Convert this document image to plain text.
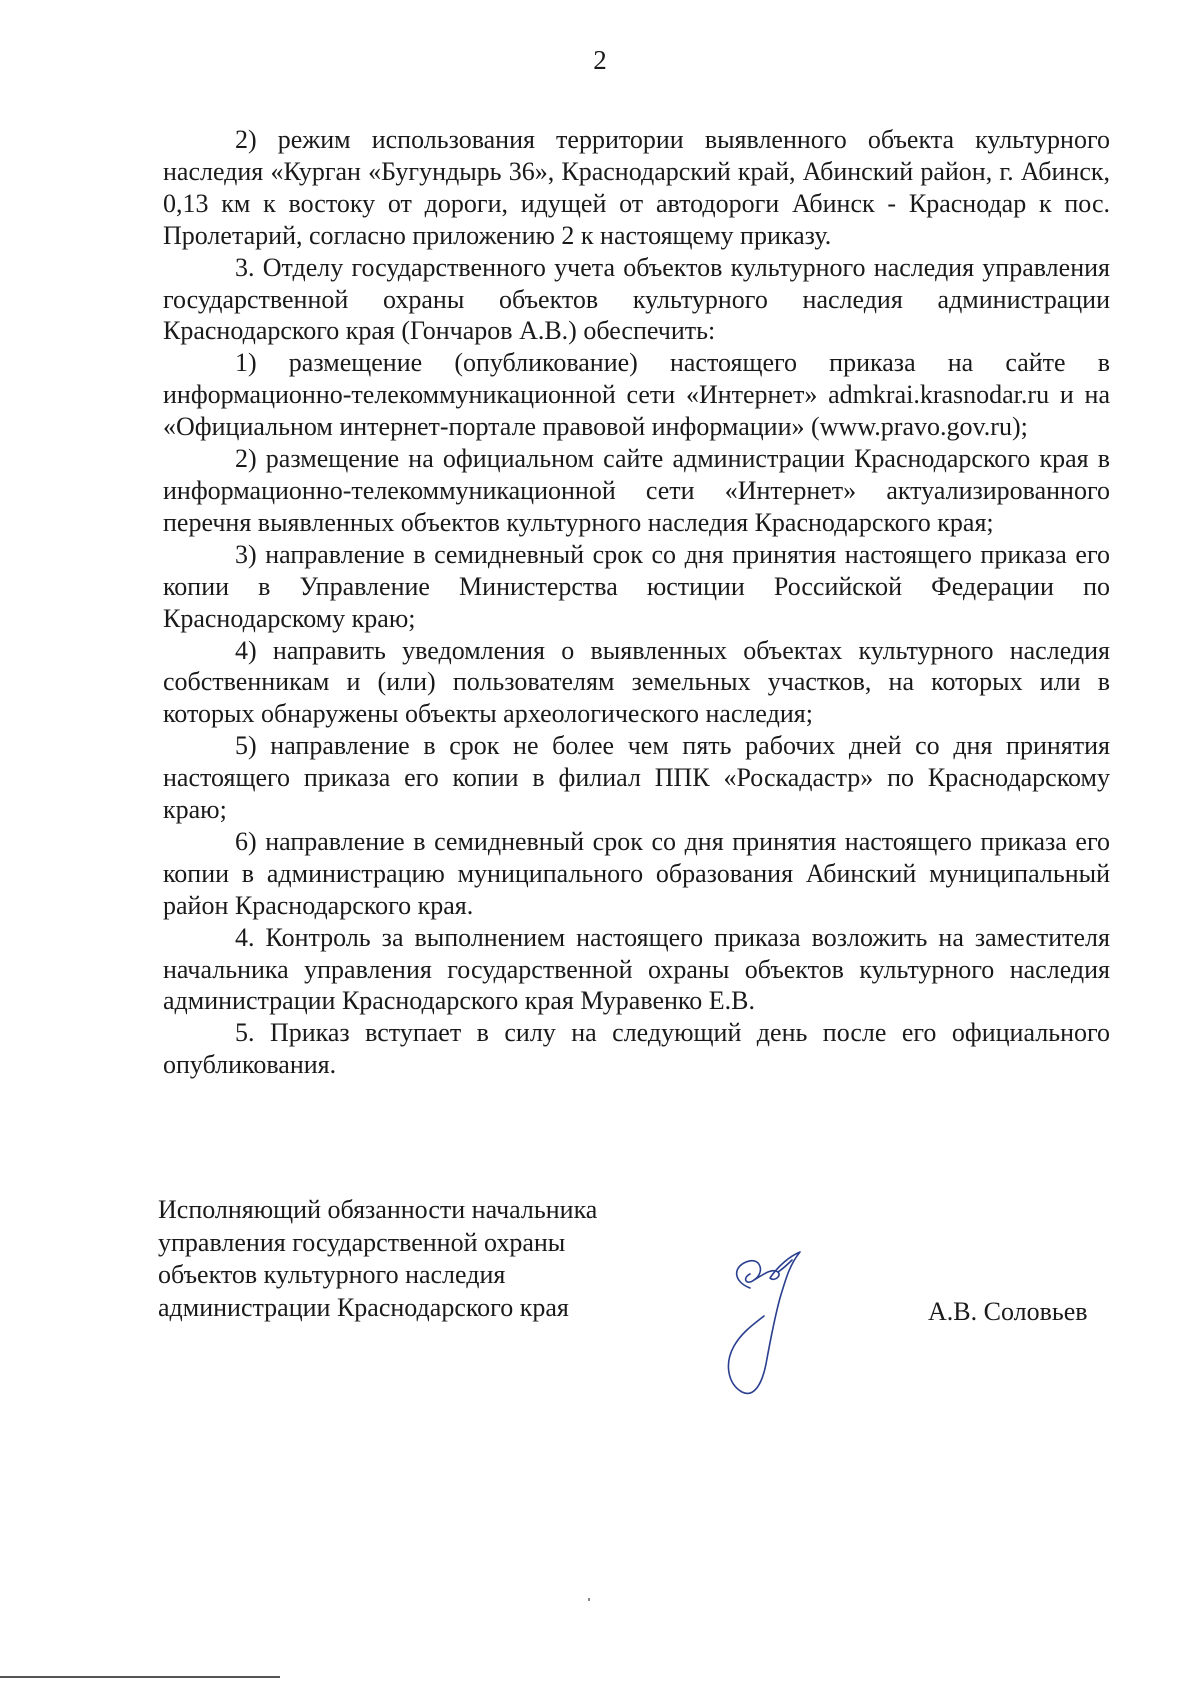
2

2) режим использования территории выявленного объекта культурного наследия «Курган «Бугундырь 36», Краснодарский край, Абинский район, г. Абинск, 0,13 км к востоку от дороги, идущей от автодороги Абинск - Краснодар к пос. Пролетарий, согласно приложению 2 к настоящему приказу.

3. Отделу государственного учета объектов культурного наследия управления государственной охраны объектов культурного наследия администрации Краснодарского края (Гончаров А.В.) обеспечить:

1) размещение (опубликование) настоящего приказа на сайте в информационно-телекоммуникационной сети «Интернет» admkrai.krasnodar.ru и на «Официальном интернет-портале правовой информации» (www.pravo.gov.ru);

2) размещение на официальном сайте администрации Краснодарского края в информационно-телекоммуникационной сети «Интернет» актуализированного перечня выявленных объектов культурного наследия Краснодарского края;

3) направление в семидневный срок со дня принятия настоящего приказа его копии в Управление Министерства юстиции Российской Федерации по Краснодарскому краю;

4) направить уведомления о выявленных объектах культурного наследия собственникам и (или) пользователям земельных участков, на которых или в которых обнаружены объекты археологического наследия;

5) направление в срок не более чем пять рабочих дней со дня принятия настоящего приказа его копии в филиал ППК «Роскадастр» по Краснодарскому краю;

6) направление в семидневный срок со дня принятия настоящего приказа его копии в администрацию муниципального образования Абинский муниципальный район Краснодарского края.

4. Контроль за выполнением настоящего приказа возложить на заместителя начальника управления государственной охраны объектов культурного наследия администрации Краснодарского края Муравенко Е.В.

5. Приказ вступает в силу на следующий день после его официального опубликования.

Исполняющий обязанности начальника
управления государственной охраны
объектов культурного наследия
администрации Краснодарского края	А.В. Соловьев
